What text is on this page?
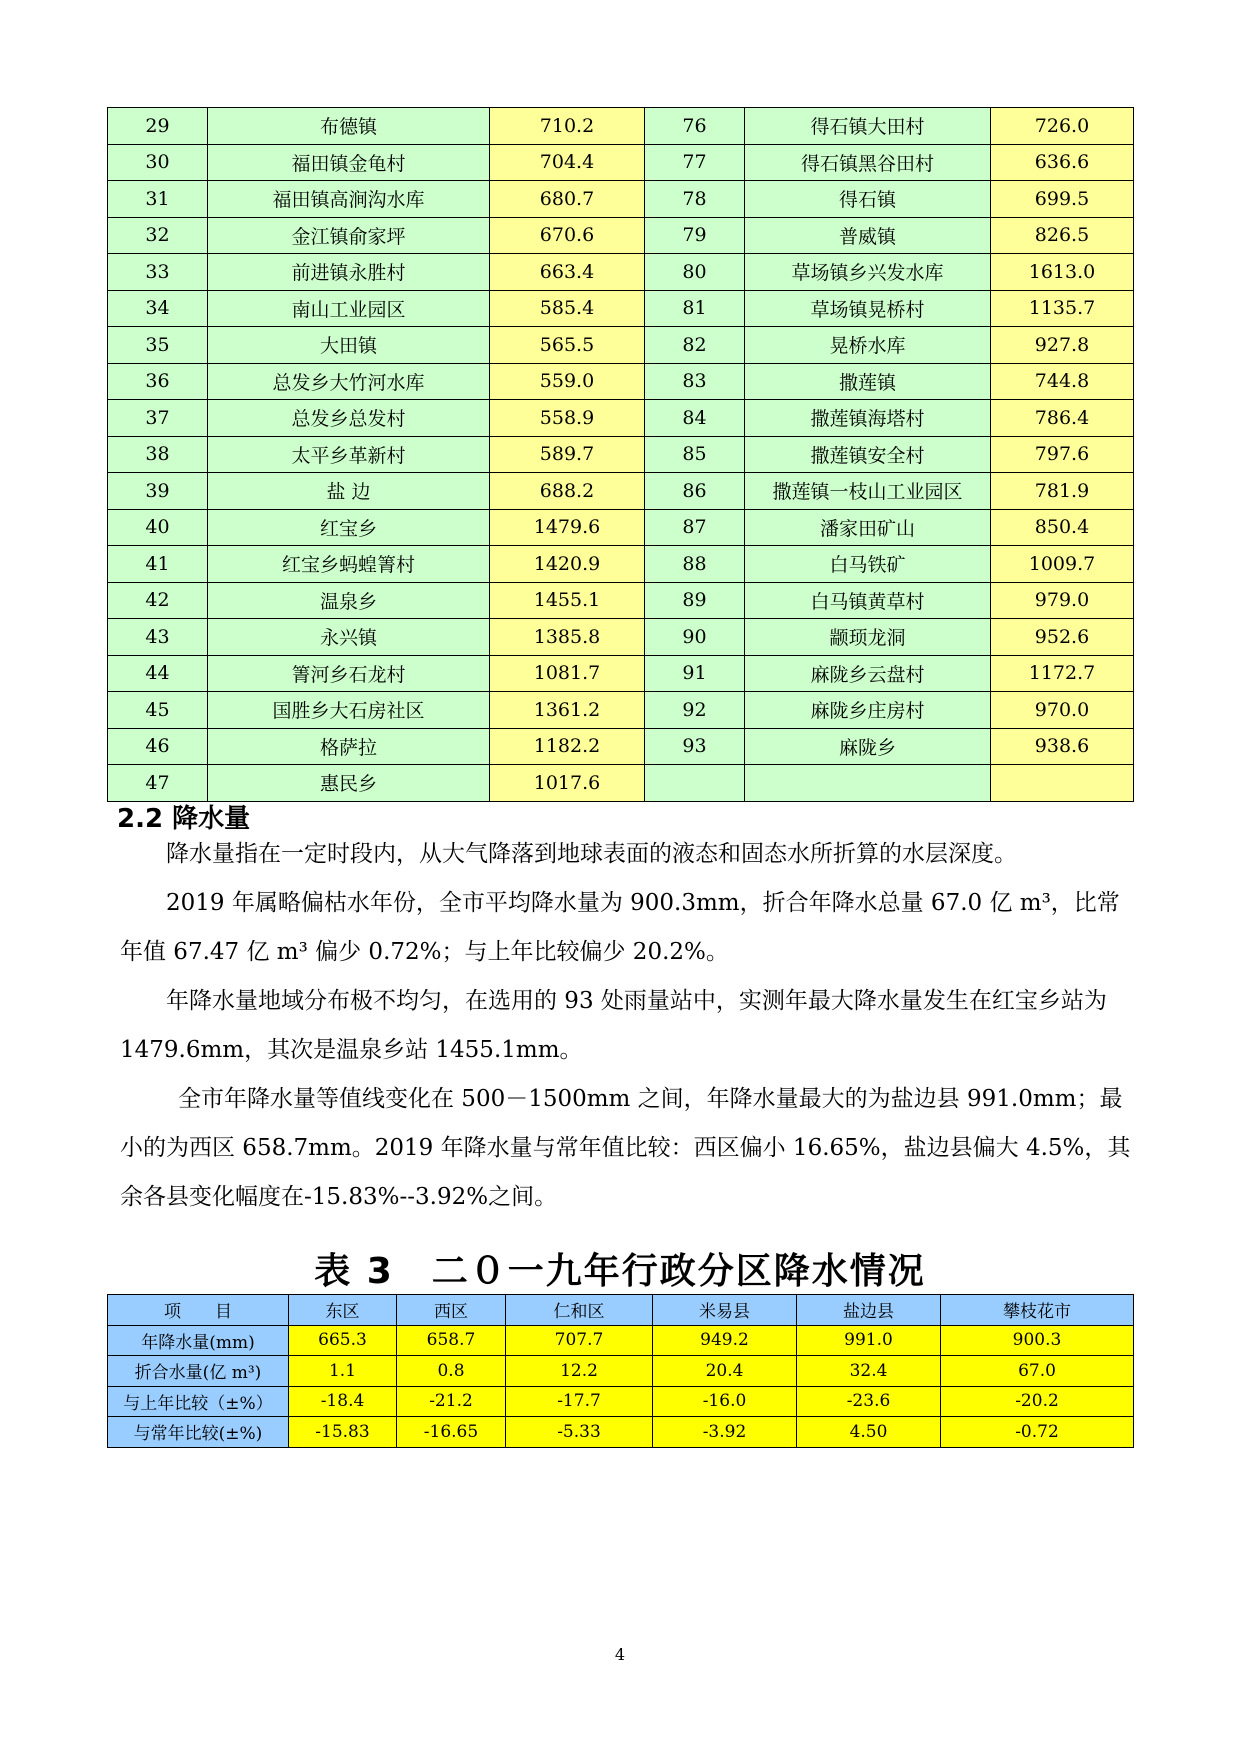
29	布德镇	710.2	76	得石镇大田村	726.0
30	福田镇金龟村	704.4	77	得石镇黑谷田村	636.6
31	福田镇高涧沟水库	680.7	78	得石镇	699.5
32	金江镇俞家坪	670.6	79	普威镇	826.5
33	前进镇永胜村	663.4	80	草场镇乡兴发水库	1613.0
34	南山工业园区	585.4	81	草场镇晃桥村	1135.7
35	大田镇	565.5	82	晃桥水库	927.8
36	总发乡大竹河水库	559.0	83	撒莲镇	744.8
37	总发乡总发村	558.9	84	撒莲镇海塔村	786.4
38	太平乡革新村	589.7	85	撒莲镇安全村	797.6
39	盐 边	688.2	86	撒莲镇一枝山工业园区	781.9
40	红宝乡	1479.6	87	潘家田矿山	850.4
41	红宝乡蚂蝗箐村	1420.9	88	白马铁矿	1009.7
42	温泉乡	1455.1	89	白马镇黄草村	979.0
43	永兴镇	1385.8	90	颛顼龙洞	952.6
44	箐河乡石龙村	1081.7	91	麻陇乡云盘村	1172.7
45	国胜乡大石房社区	1361.2	92	麻陇乡庄房村	970.0
46	格萨拉	1182.2	93	麻陇乡	938.6
47	惠民乡	1017.6			
2.2 降水量

降水量指在一定时段内，从大气降落到地球表面的液态和固态水所折算的水层深度。

2019 年属略偏枯水年份，全市平均降水量为 900.3mm，折合年降水总量 67.0 亿 m³，比常年值 67.47 亿 m³ 偏少 0.72%；与上年比较偏少 20.2%。

年降水量地域分布极不均匀，在选用的 93 处雨量站中，实测年最大降水量发生在红宝乡站为 1479.6mm，其次是温泉乡站 1455.1mm。

全市年降水量等值线变化在 500－1500mm 之间，年降水量最大的为盐边县 991.0mm；最小的为西区 658.7mm。2019 年降水量与常年值比较：西区偏小 16.65%，盐边县偏大 4.5%，其余各县变化幅度在-15.83%--3.92%之间。

表 3　二０一九年行政分区降水情况
项　　目	东区	西区	仁和区	米易县	盐边县	攀枝花市
年降水量(mm)	665.3	658.7	707.7	949.2	991.0	900.3
折合水量(亿 m³)	1.1	0.8	12.2	20.4	32.4	67.0
与上年比较（±%）	-18.4	-21.2	-17.7	-16.0	-23.6	-20.2
与常年比较(±%)	-15.83	-16.65	-5.33	-3.92	4.50	-0.72
4
